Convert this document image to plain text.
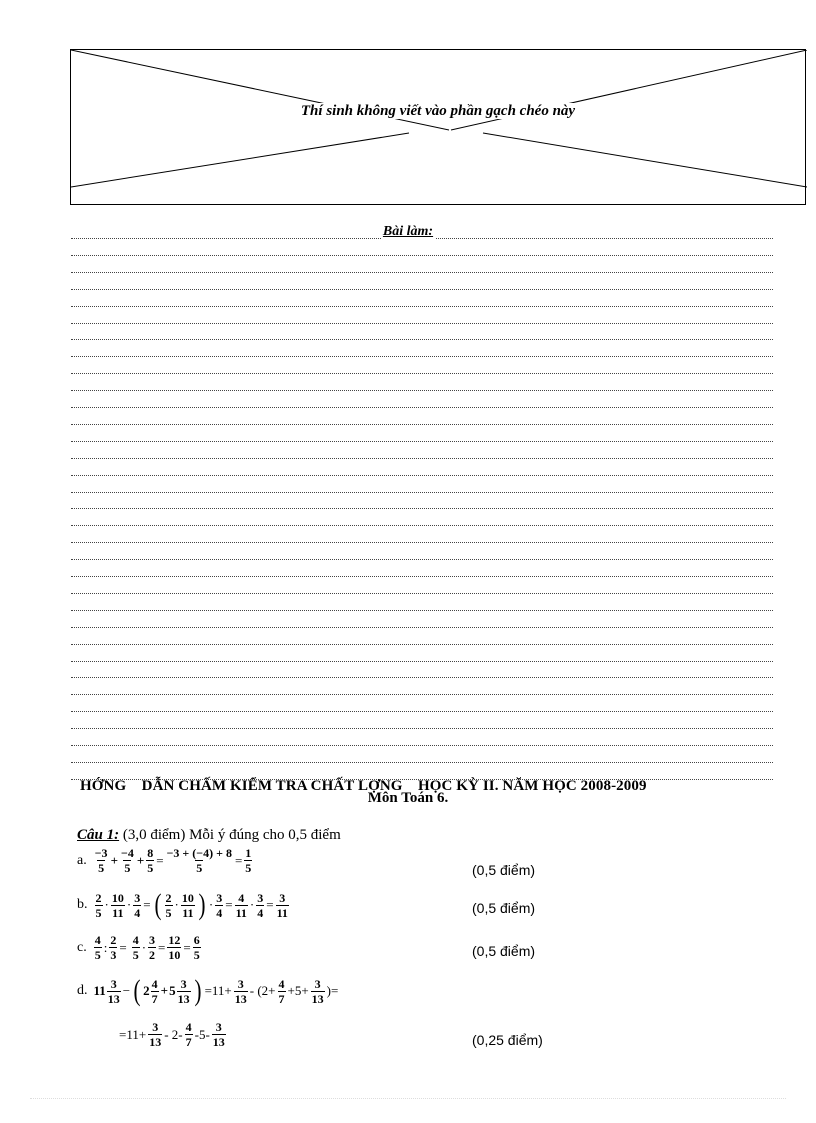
Thí sinh không viết vào phần gạch chéo này
Bài làm:
HỚNG    DẪN CHẤM KIỂM TRA CHẤT LỢNG    HỌC KỲ II. NĂM HỌC 2008-2009
Môn Toán 6.
Câu 1: (3,0 điểm) Mỗi ý đúng cho 0,5 điểm
a. $\frac{-3}{5} + \frac{-4}{5} + \frac{8}{5} = \frac{-3 + (-4) + 8}{5} = \frac{1}{5}$	(0,5 điểm)
b. $\frac{2}{5} \cdot \frac{10}{11} \cdot \frac{3}{4}$ = ( $\frac{2}{5} \cdot \frac{10}{11}$ ) · $\frac{3}{4} = \frac{4}{11} \cdot \frac{3}{4} = \frac{3}{11}$	(0,5 điểm)
c. $\frac{4}{5}$ : $\frac{2}{3} = \frac{4}{5} \cdot \frac{3}{2} = \frac{12}{10} = \frac{6}{5}$	(0,5 điểm)
d. $11 \frac{3}{13}$ − ( $2 \frac{4}{7} + 5 \frac{3}{13}$ ) $=11+ \frac{3}{13} - (2+ \frac{4}{7} +5+ \frac{3}{13}$ )=
$=11+ \frac{3}{13} - 2- \frac{4}{7} -5- \frac{3}{13}$	(0,25 điểm)
